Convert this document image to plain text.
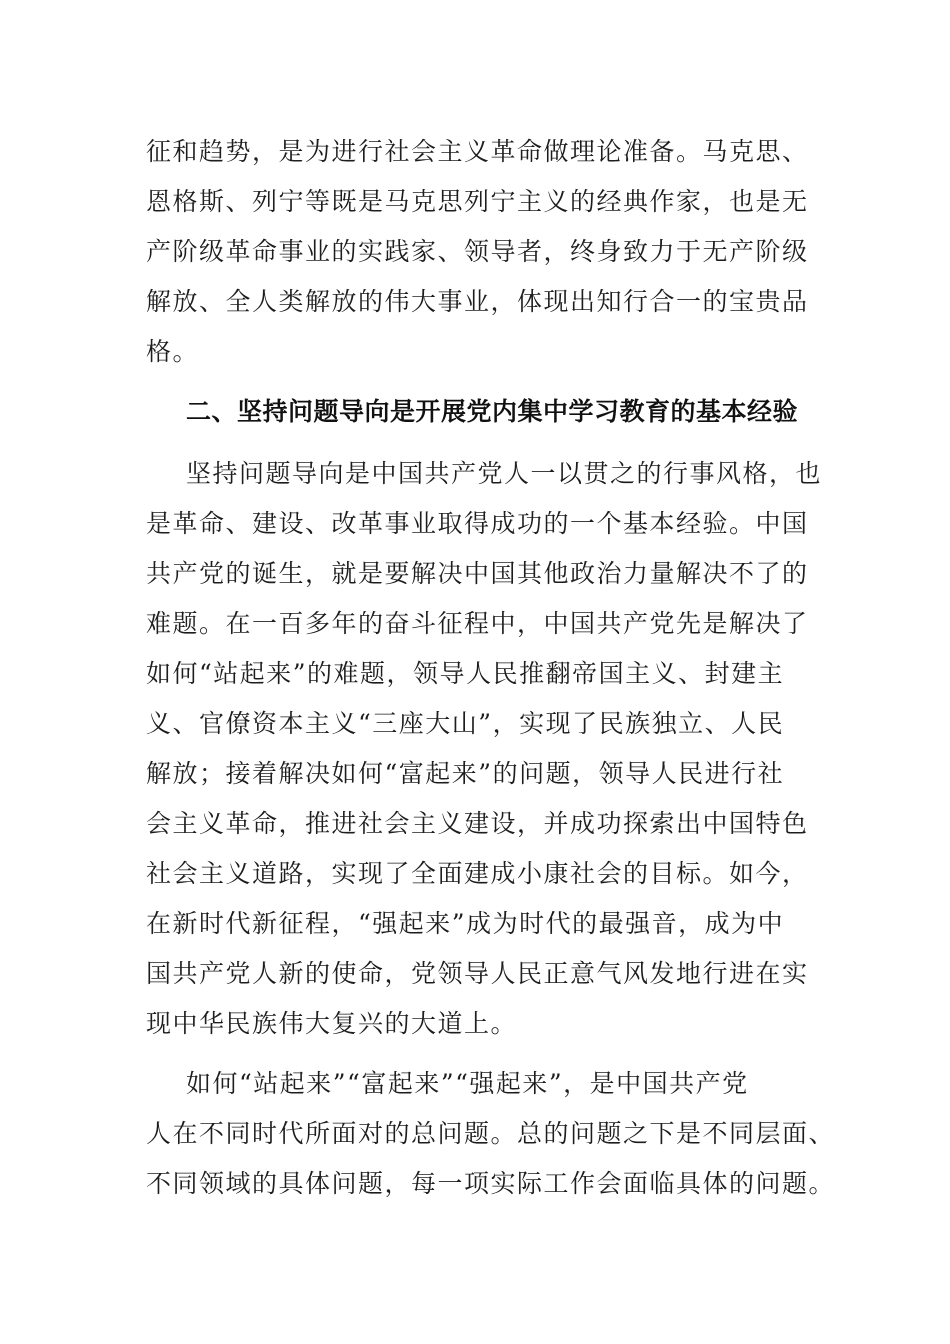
征和趋势，是为进行社会主义革命做理论准备。马克思、
恩格斯、列宁等既是马克思列宁主义的经典作家，也是无
产阶级革命事业的实践家、领导者，终身致力于无产阶级
解放、全人类解放的伟大事业，体现出知行合一的宝贵品
格。
二、坚持问题导向是开展党内集中学习教育的基本经验
坚持问题导向是中国共产党人一以贯之的行事风格，也
是革命、建设、改革事业取得成功的一个基本经验。中国
共产党的诞生，就是要解决中国其他政治力量解决不了的
难题。在一百多年的奋斗征程中，中国共产党先是解决了
如何“站起来”的难题，领导人民推翻帝国主义、封建主
义、官僚资本主义“三座大山”，实现了民族独立、人民
解放；接着解决如何“富起来”的问题，领导人民进行社
会主义革命，推进社会主义建设，并成功探索出中国特色
社会主义道路，实现了全面建成小康社会的目标。如今，
在新时代新征程，“强起来”成为时代的最强音，成为中
国共产党人新的使命，党领导人民正意气风发地行进在实
现中华民族伟大复兴的大道上。
如何“站起来”“富起来”“强起来”，是中国共产党
人在不同时代所面对的总问题。总的问题之下是不同层面、
不同领域的具体问题，每一项实际工作会面临具体的问题。
